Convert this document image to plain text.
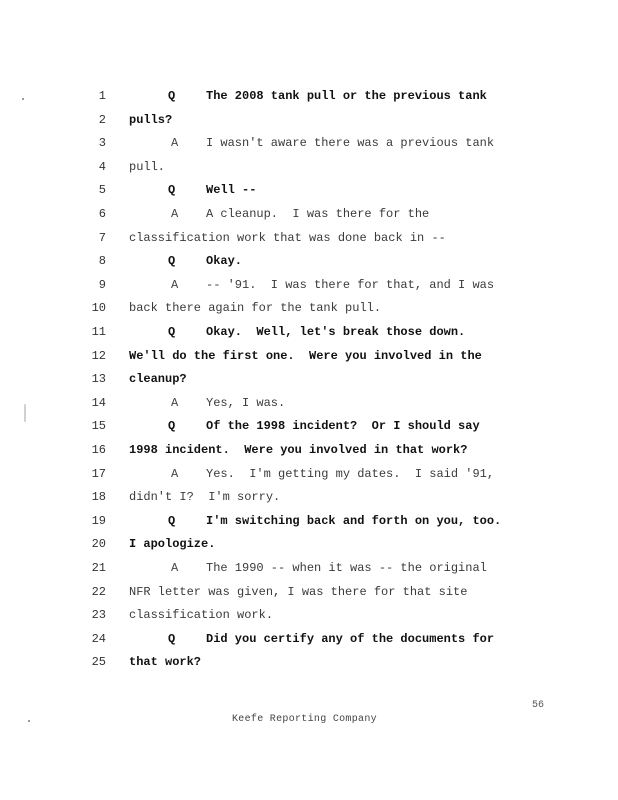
1	Q	The 2008 tank pull or the previous tank
2 pulls?
3	A I wasn't aware there was a previous tank
4 pull.
5	Q	Well --
6	A A cleanup.  I was there for the
7 classification work that was done back in --
8	Q	Okay.
9	A -- '91.  I was there for that, and I was
10 back there again for the tank pull.
11	Q	Okay.  Well, let's break those down.
12 We'll do the first one.  Were you involved in the
13 cleanup?
14	A Yes, I was.
15	Q	Of the 1998 incident?  Or I should say
16 1998 incident.  Were you involved in that work?
17	A Yes.  I'm getting my dates.  I said '91,
18 didn't I?  I'm sorry.
19	Q	I'm switching back and forth on you, too.
20 I apologize.
21	A The 1990 -- when it was -- the original
22 NFR letter was given, I was there for that site
23 classification work.
24	Q	Did you certify any of the documents for
25 that work?
56
Keefe Reporting Company
